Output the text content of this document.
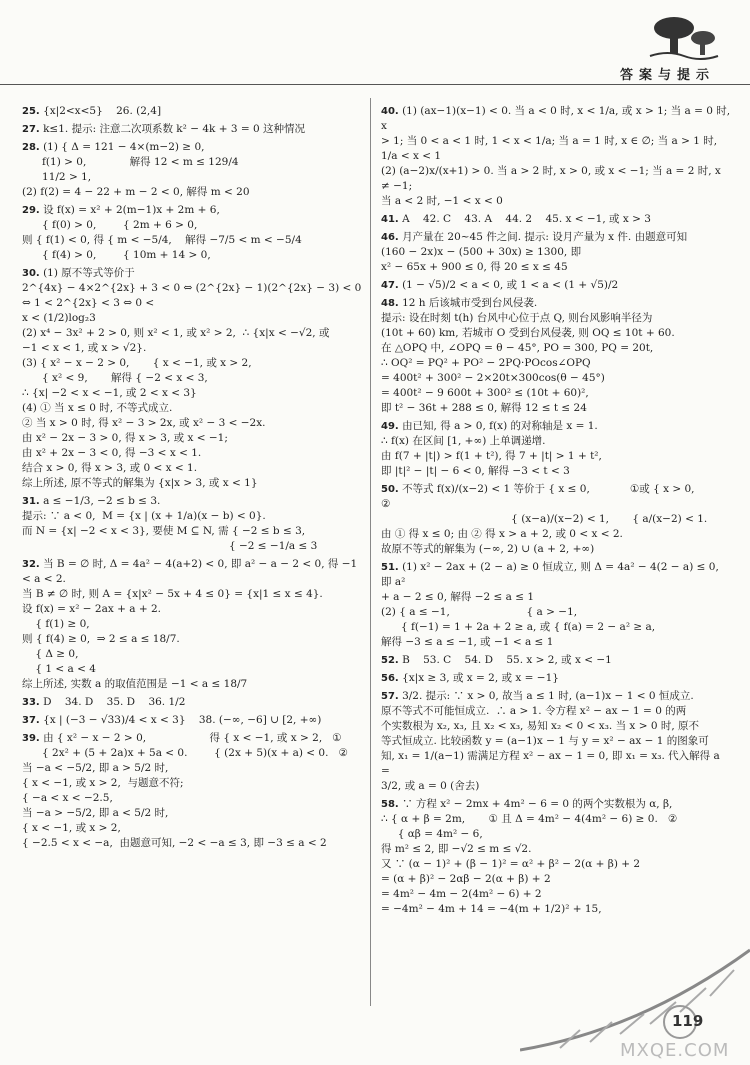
答案与提示
25. {x|2<x<5}    26. (2,4]
27. k≤1. 提示: 注意二次项系数 k² − 4k + 3 = 0 这种情况
28. (1) { Δ = 121 − 4×(m−2) ≥ 0,
f(1) > 0,             解得 12 < m ≤ 129/4
11/2 > 1,
(2) f(2) = 4 − 22 + m − 2 < 0, 解得 m < 20
29. 设 f(x) = x² + 2(m−1)x + 2m + 6,
{ f(0) > 0,        { 2m + 6 > 0,
则 { f(1) < 0, 得 { m < −5/4,    解得 −7/5 < m < −5/4
{ f(4) > 0,        { 10m + 14 > 0,
30. (1) 原不等式等价于
2^{4x} − 4×2^{2x} + 3 < 0 ⇔ (2^{2x} − 1)(2^{2x} − 3) < 0 ⇔ 1 < 2^{2x} < 3 ⇔ 0 <
x < (1/2)log₂3
(2) x⁴ − 3x² + 2 > 0, 则 x² < 1, 或 x² > 2,  ∴ {x|x < −√2, 或
−1 < x < 1, 或 x > √2}.
(3) { x² − x − 2 > 0,       { x < −1, 或 x > 2,
{ x² < 9,       解得 { −2 < x < 3,
∴ {x| −2 < x < −1, 或 2 < x < 3}
(4) ① 当 x ≤ 0 时, 不等式成立.
② 当 x > 0 时, 得 x² − 3 > 2x, 或 x² − 3 < −2x.
由 x² − 2x − 3 > 0, 得 x > 3, 或 x < −1;
由 x² + 2x − 3 < 0, 得 −3 < x < 1.
结合 x > 0, 得 x > 3, 或 0 < x < 1.
综上所述, 原不等式的解集为 {x|x > 3, 或 x < 1}
31. a ≤ −1/3, −2 ≤ b ≤ 3.
提示: ∵ a < 0,  M = {x | (x + 1/a)(x − b) < 0}.
而 N = {x| −2 < x < 3}, 要使 M ⊆ N, 需 { −2 ≤ b ≤ 3,
{ −2 ≤ −1/a ≤ 3
32. 当 B = ∅ 时, Δ = 4a² − 4(a+2) < 0, 即 a² − a − 2 < 0, 得 −1 < a < 2.
当 B ≠ ∅ 时, 则 A = {x|x² − 5x + 4 ≤ 0} = {x|1 ≤ x ≤ 4}.
设 f(x) = x² − 2ax + a + 2.
{ f(1) ≥ 0,
则 { f(4) ≥ 0,  ⇒ 2 ≤ a ≤ 18/7.
{ Δ ≥ 0,
{ 1 < a < 4
综上所述, 实数 a 的取值范围是 −1 < a ≤ 18/7
33. D    34. D    35. D    36. 1/2
37. {x | (−3 − √33)/4 < x < 3}    38. (−∞, −6] ∪ [2, +∞)
39. 由 { x² − x − 2 > 0,                   得 { x < −1, 或 x > 2,   ①
{ 2x² + (5 + 2a)x + 5a < 0.        { (2x + 5)(x + a) < 0.   ②
当 −a < −5/2, 即 a > 5/2 时,
{ x < −1, 或 x > 2,  与题意不符;
{ −a < x < −2.5,
当 −a > −5/2, 即 a < 5/2 时,
{ x < −1, 或 x > 2,
{ −2.5 < x < −a,  由题意可知, −2 < −a ≤ 3, 即 −3 ≤ a < 2
40. (1) (ax−1)(x−1) < 0. 当 a < 0 时, x < 1/a, 或 x > 1; 当 a = 0 时, x
> 1; 当 0 < a < 1 时, 1 < x < 1/a; 当 a = 1 时, x ∈ ∅; 当 a > 1 时,
1/a < x < 1
(2) (a−2)x/(x+1) > 0. 当 a > 2 时, x > 0, 或 x < −1; 当 a = 2 时, x ≠ −1;
当 a < 2 时, −1 < x < 0
41. A    42. C    43. A    44. 2    45. x < −1, 或 x > 3
46. 月产量在 20~45 件之间. 提示: 设月产量为 x 件. 由题意可知
(160 − 2x)x − (500 + 30x) ≥ 1300, 即
x² − 65x + 900 ≤ 0, 得 20 ≤ x ≤ 45
47. (1 − √5)/2 < a < 0, 或 1 < a < (1 + √5)/2
48. 12 h 后该城市受到台风侵袭.
提示: 设在时刻 t(h) 台风中心位于点 Q, 则台风影响半径为
(10t + 60) km, 若城市 O 受到台风侵袭, 则 OQ ≤ 10t + 60.
在 △OPQ 中, ∠OPQ = θ − 45°, PO = 300, PQ = 20t,
∴ OQ² = PQ² + PO² − 2PQ·POcos∠OPQ
= 400t² + 300² − 2×20t×300cos(θ − 45°)
= 400t² − 9 600t + 300² ≤ (10t + 60)²,
即 t² − 36t + 288 ≤ 0, 解得 12 ≤ t ≤ 24
49. 由已知, 得 a > 0, f(x) 的对称轴是 x = 1.
∴ f(x) 在区间 [1, +∞) 上单调递增.
由 f(7 + |t|) > f(1 + t²), 得 7 + |t| > 1 + t²,
即 |t|² − |t| − 6 < 0, 解得 −3 < t < 3
50. 不等式 f(x)/(x−2) < 1 等价于 { x ≤ 0,            ①或 { x > 0,         ②
{ (x−a)/(x−2) < 1,       { a/(x−2) < 1.
由 ① 得 x ≤ 0; 由 ② 得 x > a + 2, 或 0 < x < 2.
故原不等式的解集为 (−∞, 2) ∪ (a + 2, +∞)
51. (1) x² − 2ax + (2 − a) ≥ 0 恒成立, 则 Δ = 4a² − 4(2 − a) ≤ 0, 即 a²
+ a − 2 ≤ 0, 解得 −2 ≤ a ≤ 1
(2) { a ≤ −1,                       { a > −1,
{ f(−1) = 1 + 2a + 2 ≥ a, 或 { f(a) = 2 − a² ≥ a,
解得 −3 ≤ a ≤ −1, 或 −1 < a ≤ 1
52. B    53. C    54. D    55. x > 2, 或 x < −1
56. {x|x ≥ 3, 或 x = 2, 或 x = −1}
57. 3/2. 提示: ∵ x > 0, 故当 a ≤ 1 时, (a−1)x − 1 < 0 恒成立.
原不等式不可能恒成立.  ∴ a > 1. 令方程 x² − ax − 1 = 0 的两
个实数根为 x₂, x₃, 且 x₂ < x₃, 易知 x₂ < 0 < x₃. 当 x > 0 时, 原不
等式恒成立. 比较函数 y = (a−1)x − 1 与 y = x² − ax − 1 的图象可
知, x₁ = 1/(a−1) 需满足方程 x² − ax − 1 = 0, 即 x₁ = x₃. 代入解得 a =
3/2, 或 a = 0 (舍去)
58. ∵ 方程 x² − 2mx + 4m² − 6 = 0 的两个实数根为 α, β,
∴ { α + β = 2m,       ① 且 Δ = 4m² − 4(4m² − 6) ≥ 0.   ②
{ αβ = 4m² − 6,
得 m² ≤ 2, 即 −√2 ≤ m ≤ √2.
又 ∵ (α − 1)² + (β − 1)² = α² + β² − 2(α + β) + 2
= (α + β)² − 2αβ − 2(α + β) + 2
= 4m² − 4m − 2(4m² − 6) + 2
= −4m² − 4m + 14 = −4(m + 1/2)² + 15,
119
MXQE.COM
